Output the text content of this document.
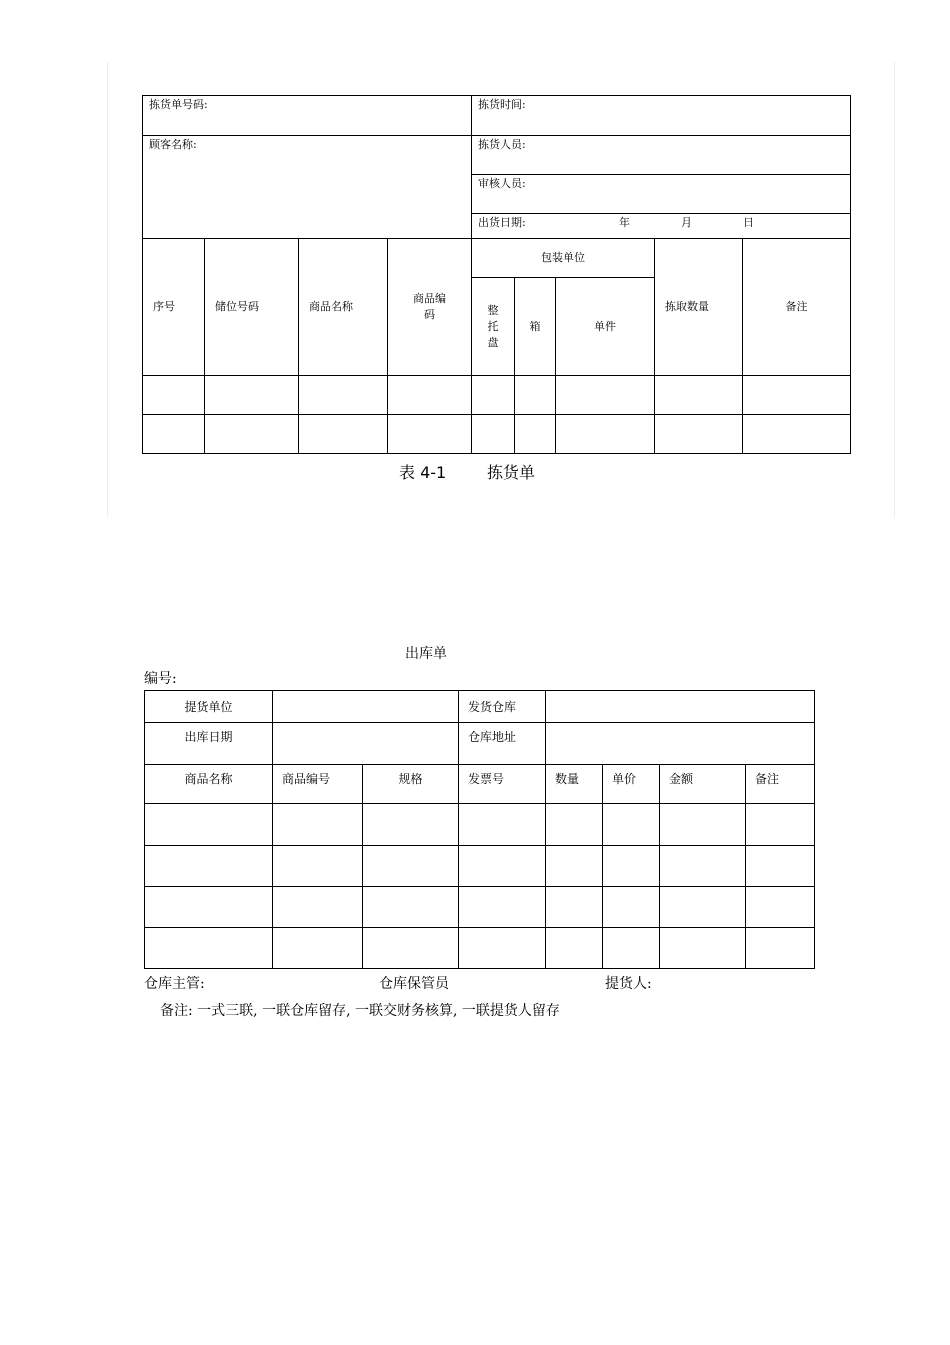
拣货单号码:				拣货时间:				
顾客名称:				拣货人员:				
				审核人员:				

				出货日期: 年 月 日				

序号	储位号码	商品名称	商品编码	包装单位			拣取数量	备注
				整托盘	箱	单件		

表 4-1	拣货单
出库单
编号:
提货单位			发货仓库				
出库日期			仓库地址				
商品名称	商品编号	规格	发票号	数量	单价	金额	备注

仓库主管:	仓库保管员	提货人:
备注: 一式三联, 一联仓库留存, 一联交财务核算, 一联提货人留存
